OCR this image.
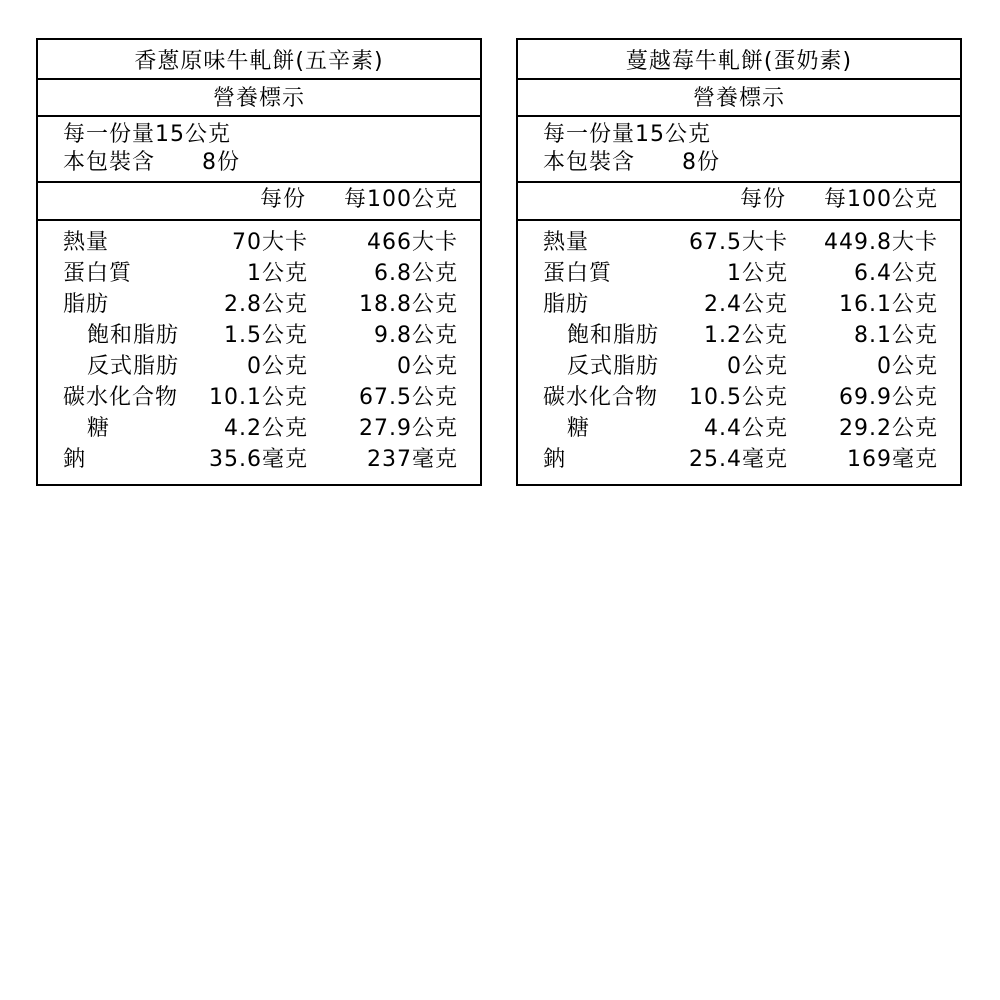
香蔥原味牛軋餅(五辛素)
營養標示
每一份量15公克
本包裝含 8份
每份 每100公克
熱量	70大卡	466大卡
蛋白質	1公克	6.8公克
脂肪	2.8公克 18.8公克
飽和脂肪 1.5公克	9.8公克
反式脂肪	0公克	0公克
碳水化合物 10.1公克 67.5公克
糖	4.2公克 27.9公克
鈉	35.6毫克	237毫克
蔓越莓牛軋餅(蛋奶素)
營養標示
每一份量15公克
本包裝含 8份
每份 每100公克
熱量	67.5大卡 449.8大卡
蛋白質	1公克	6.4公克
脂肪	2.4公克 16.1公克
飽和脂肪 1.2公克	8.1公克
反式脂肪	0公克	0公克
碳水化合物 10.5公克 69.9公克
糖	4.4公克 29.2公克
鈉	25.4毫克	169毫克
